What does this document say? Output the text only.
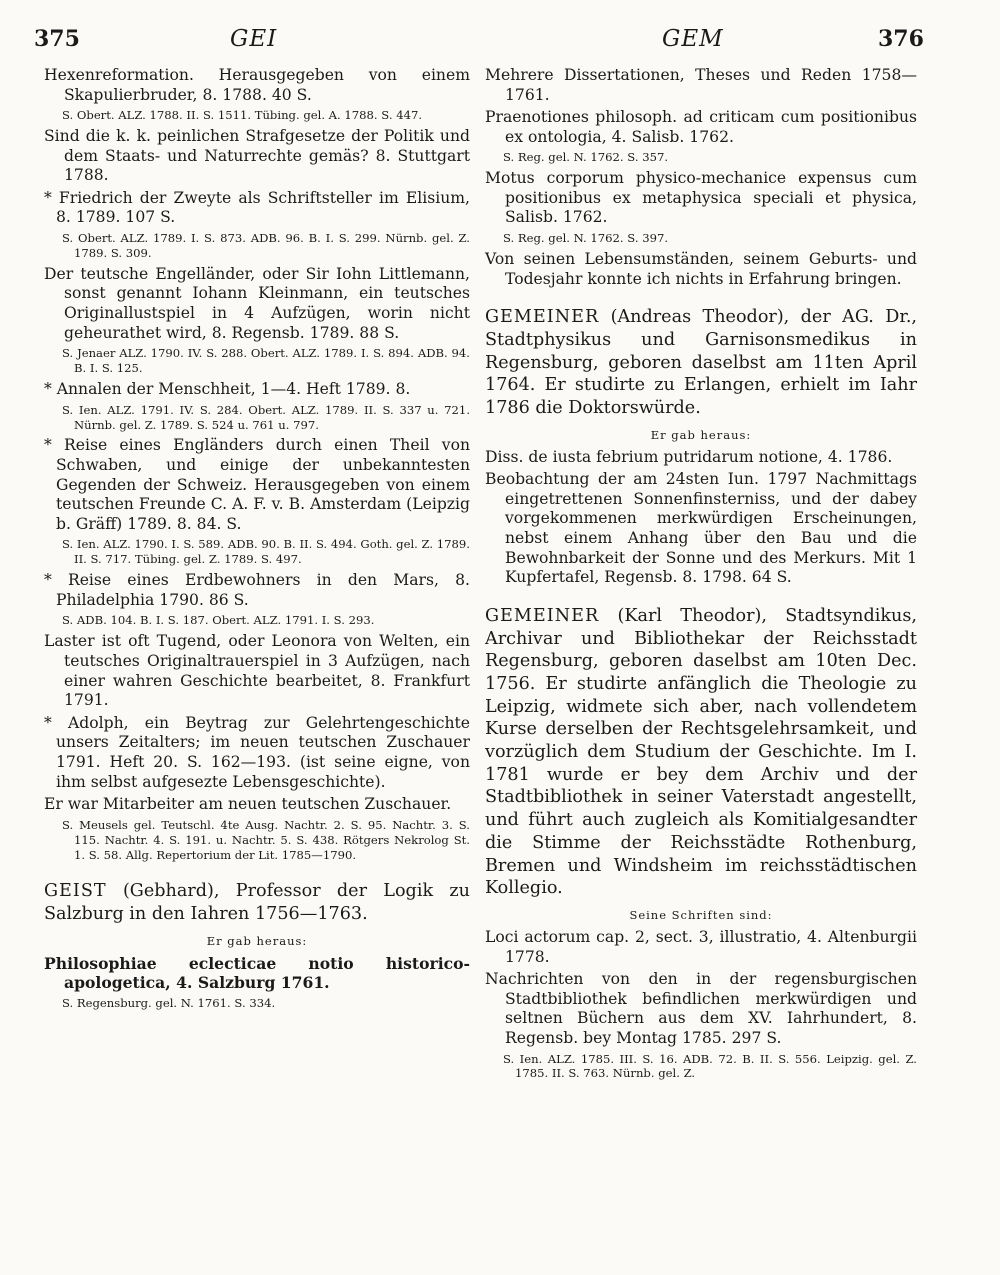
375	GEI	GEM	376

Hexenreformation. Herausgegeben von einem Skapulierbruder, 8. 1788. 40 S.

S. Obert. ALZ. 1788. II. S. 1511. Tübing. gel. A. 1788. S. 447.

Sind die k. k. peinlichen Strafgesetze der Politik und dem Staats- und Naturrechte gemäs? 8. Stuttgart 1788.

* Friedrich der Zweyte als Schriftsteller im Elisium, 8. 1789. 107 S.

S. Obert. ALZ. 1789. I. S. 873. ADB. 96. B. I. S. 299. Nürnb. gel. Z. 1789. S. 309.

Der teutsche Engelländer, oder Sir Iohn Littlemann, sonst genannt Iohann Kleinmann, ein teutsches Originallustspiel in 4 Aufzügen, worin nicht geheurathet wird, 8. Regensb. 1789. 88 S.

S. Jenaer ALZ. 1790. IV. S. 288. Obert. ALZ. 1789. I. S. 894. ADB. 94. B. I. S. 125.

* Annalen der Menschheit, 1—4. Heft 1789. 8.

S. Ien. ALZ. 1791. IV. S. 284. Obert. ALZ. 1789. II. S. 337 u. 721. Nürnb. gel. Z. 1789. S. 524 u. 761 u. 797.

* Reise eines Engländers durch einen Theil von Schwaben, und einige der unbekanntesten Gegenden der Schweiz. Herausgegeben von einem teutschen Freunde C. A. F. v. B. Amsterdam (Leipzig b. Gräff) 1789. 8. 84. S.

S. Ien. ALZ. 1790. I. S. 589. ADB. 90. B. II. S. 494. Goth. gel. Z. 1789. II. S. 717. Tübing. gel. Z. 1789. S. 497.

* Reise eines Erdbewohners in den Mars, 8. Philadelphia 1790. 86 S.

S. ADB. 104. B. I. S. 187. Obert. ALZ. 1791. I. S. 293.

Laster ist oft Tugend, oder Leonora von Welten, ein teutsches Originaltrauerspiel in 3 Aufzügen, nach einer wahren Geschichte bearbeitet, 8. Frankfurt 1791.

* Adolph, ein Beytrag zur Gelehrtengeschichte unsers Zeitalters; im neuen teutschen Zuschauer 1791. Heft 20. S. 162—193. (ist seine eigne, von ihm selbst aufgesezte Lebensgeschichte).

Er war Mitarbeiter am neuen teutschen Zuschauer.

S. Meusels gel. Teutschl. 4te Ausg. Nachtr. 2. S. 95. Nachtr. 3. S. 115. Nachtr. 4. S. 191. u. Nachtr. 5. S. 438. Rötgers Nekrolog St. 1. S. 58. Allg. Repertorium der Lit. 1785—1790.

GEIST (Gebhard), Professor der Logik zu Salzburg in den Iahren 1756—1763.

Er gab heraus:

Philosophiae eclecticae notio historico-apologetica, 4. Salzburg 1761.

S. Regensburg. gel. N. 1761. S. 334.

Mehrere Dissertationen, Theses und Reden 1758—1761.

Praenotiones philosoph. ad criticam cum positionibus ex ontologia, 4. Salisb. 1762.

S. Reg. gel. N. 1762. S. 357.

Motus corporum physico-mechanice expensus cum positionibus ex metaphysica speciali et physica, Salisb. 1762.

S. Reg. gel. N. 1762. S. 397.

Von seinen Lebensumständen, seinem Geburts- und Todesjahr konnte ich nichts in Erfahrung bringen.

GEMEINER (Andreas Theodor), der AG. Dr., Stadtphysikus und Garnisonsmedikus in Regensburg, geboren daselbst am 11ten April 1764. Er studirte zu Erlangen, erhielt im Iahr 1786 die Doktorswürde.

Er gab heraus:

Diss. de iusta febrium putridarum notione, 4. 1786.

Beobachtung der am 24sten Iun. 1797 Nachmittags eingetrettenen Sonnenfinsterniss, und der dabey vorgekommenen merkwürdigen Erscheinungen, nebst einem Anhang über den Bau und die Bewohnbarkeit der Sonne und des Merkurs. Mit 1 Kupfertafel, Regensb. 8. 1798. 64 S.

GEMEINER (Karl Theodor), Stadtsyndikus, Archivar und Bibliothekar der Reichsstadt Regensburg, geboren daselbst am 10ten Dec. 1756. Er studirte anfänglich die Theologie zu Leipzig, widmete sich aber, nach vollendetem Kurse derselben der Rechtsgelehrsamkeit, und vorzüglich dem Studium der Geschichte. Im I. 1781 wurde er bey dem Archiv und der Stadtbibliothek in seiner Vaterstadt angestellt, und führt auch zugleich als Komitialgesandter die Stimme der Reichsstädte Rothenburg, Bremen und Windsheim im reichsstädtischen Kollegio.

Seine Schriften sind:

Loci actorum cap. 2, sect. 3, illustratio, 4. Altenburgii 1778.

Nachrichten von den in der regensburgischen Stadtbibliothek befindlichen merkwürdigen und seltnen Büchern aus dem XV. Iahrhundert, 8. Regensb. bey Montag 1785. 297 S.

S. Ien. ALZ. 1785. III. S. 16. ADB. 72. B. II. S. 556. Leipzig. gel. Z. 1785. II. S. 763. Nürnb. gel. Z.
